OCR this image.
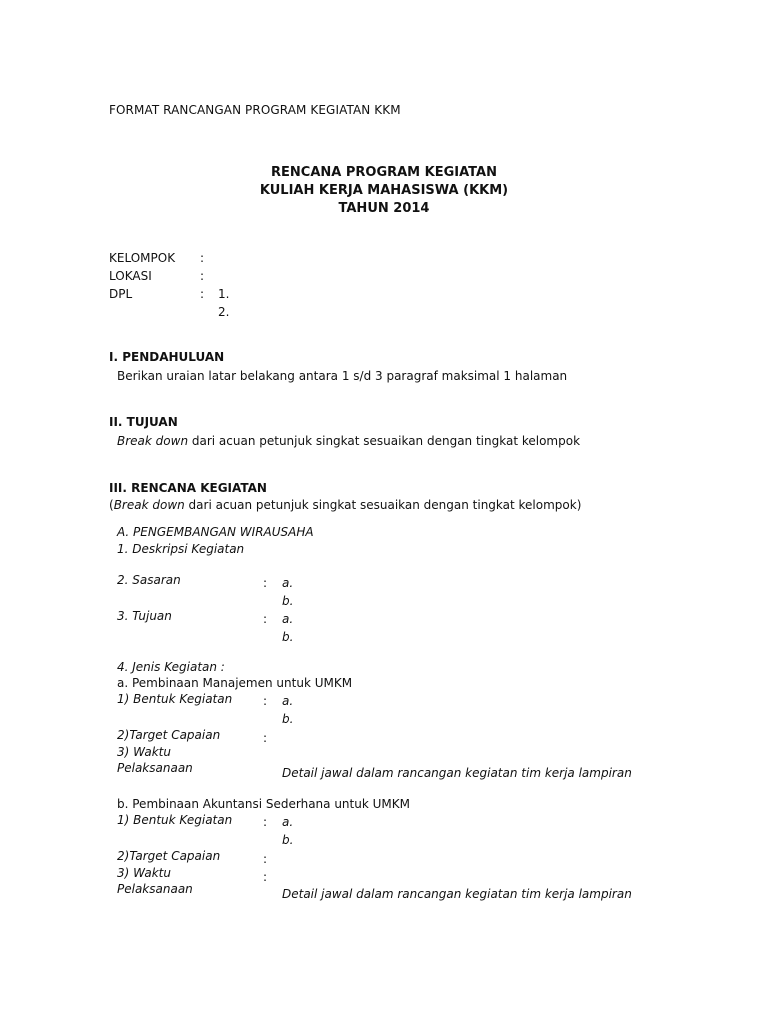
FORMAT RANCANGAN PROGRAM KEGIATAN KKM
RENCANA PROGRAM KEGIATAN
KULIAH KERJA MAHASISWA (KKM)
TAHUN 2014
KELOMPOK :
LOKASI	:
DPL	: 1.
2.
I. PENDAHULUAN
Berikan uraian latar belakang antara 1 s/d 3 paragraf maksimal 1 halaman
II. TUJUAN
Break down dari acuan petunjuk singkat sesuaikan dengan tingkat kelompok
III. RENCANA KEGIATAN
(Break down dari acuan petunjuk singkat sesuaikan dengan tingkat kelompok)
A. PENGEMBANGAN WIRAUSAHA
1. Deskripsi Kegiatan
2. Sasaran	: a.
b.
3. Tujuan	: a.
b.
4. Jenis Kegiatan :
a. Pembinaan Manajemen untuk UMKM
1) Bentuk Kegiatan	: a.
b.
2)Target Capaian	:
3) Waktu
Pelaksanaan	Detail jawal dalam rancangan kegiatan tim kerja lampiran
b. Pembinaan Akuntansi Sederhana untuk UMKM
1) Bentuk Kegiatan	: a.
b.
2)Target Capaian	:
3) Waktu	:
Pelaksanaan	Detail jawal dalam rancangan kegiatan tim kerja lampiran
